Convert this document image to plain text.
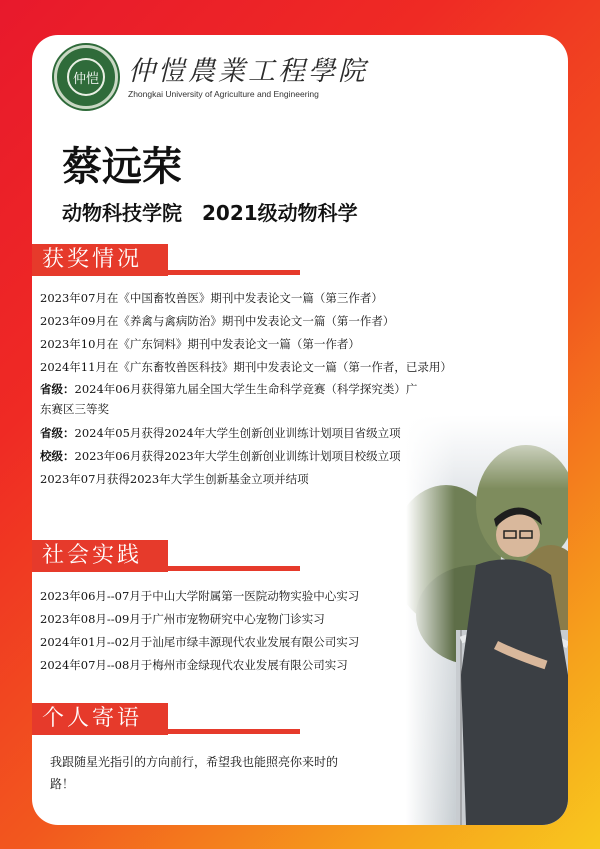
仲恺 仲愷農業工程學院
Zhongkai University of Agriculture and Engineering
蔡远荣
动物科技学院 2021级动物科学
获奖情况
2023年07月在《中国畜牧兽医》期刊中发表论文一篇（第三作者）
2023年09月在《养禽与禽病防治》期刊中发表论文一篇（第一作者）
2023年10月在《广东饲料》期刊中发表论文一篇（第一作者）
2024年11月在《广东畜牧兽医科技》期刊中发表论文一篇（第一作者，已录用）
省级：2024年06月获得第九届全国大学生生命科学竞赛（科学探究类）广东赛区三等奖
省级：2024年05月获得2024年大学生创新创业训练计划项目省级立项
校级：2023年06月获得2023年大学生创新创业训练计划项目校级立项
2023年07月获得2023年大学生创新基金立项并结项
社会实践
2023年06月--07月于中山大学附属第一医院动物实验中心实习
2023年08月--09月于广州市宠物研究中心宠物门诊实习
2024年01月--02月于汕尾市绿丰源现代农业发展有限公司实习
2024年07月--08月于梅州市金绿现代农业发展有限公司实习
个人寄语
我跟随星光指引的方向前行，希望我也能照亮你来时的路！
